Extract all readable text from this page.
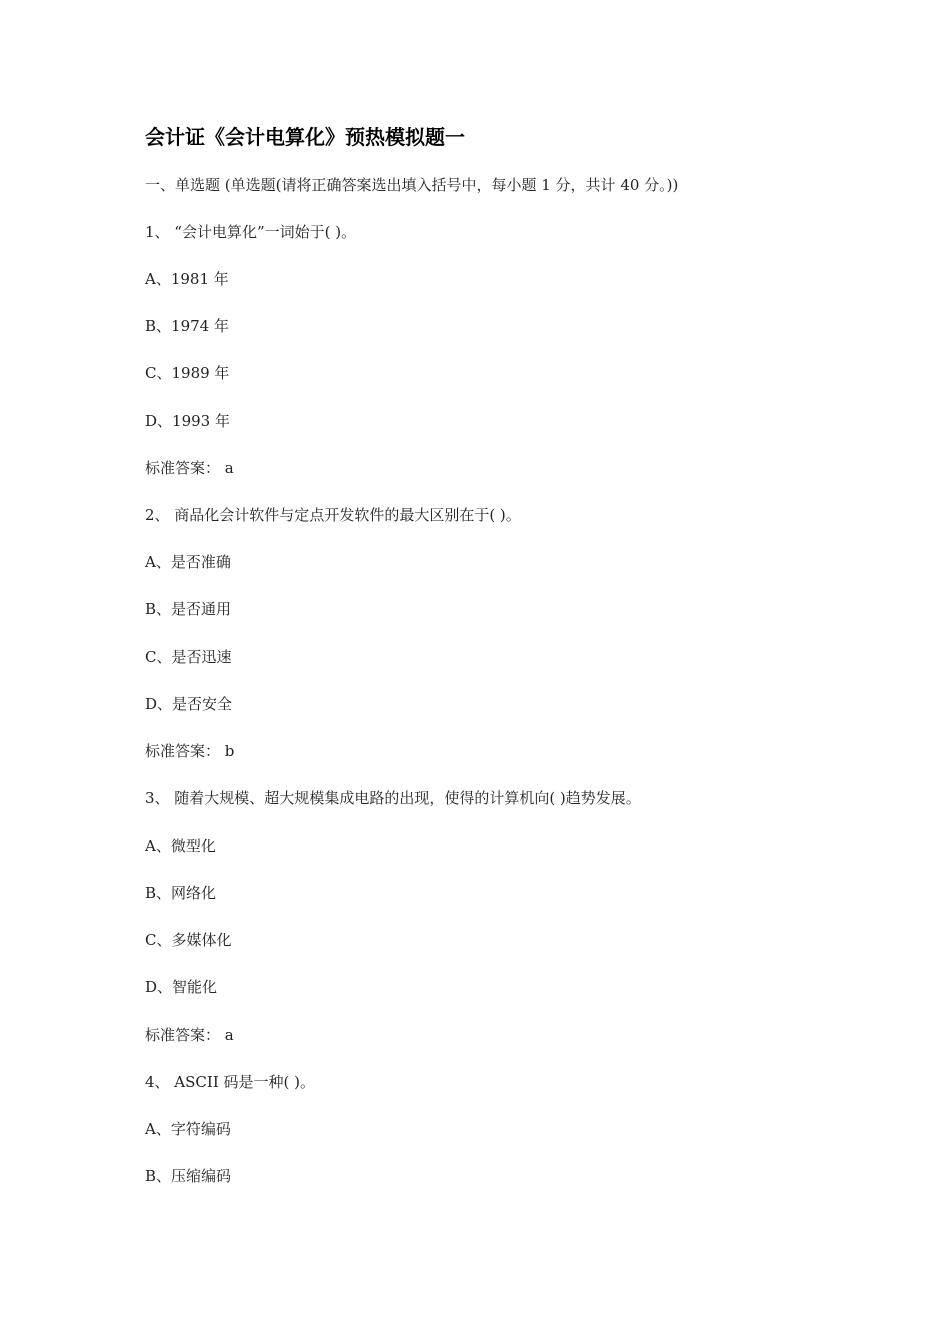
会计证《会计电算化》预热模拟题一
一、单选题 (单选题(请将正确答案选出填入括号中，每小题 1 分，共计 40 分。))
1、 “会计电算化”一词始于( )。
A、1981 年
B、1974 年
C、1989 年
D、1993 年
标准答案： a
2、 商品化会计软件与定点开发软件的最大区别在于( )。
A、是否准确
B、是否通用
C、是否迅速
D、是否安全
标准答案： b
3、 随着大规模、超大规模集成电路的出现，使得的计算机向( )趋势发展。
A、微型化
B、网络化
C、多媒体化
D、智能化
标准答案： a
4、 ASCII 码是一种( )。
A、字符编码
B、压缩编码
